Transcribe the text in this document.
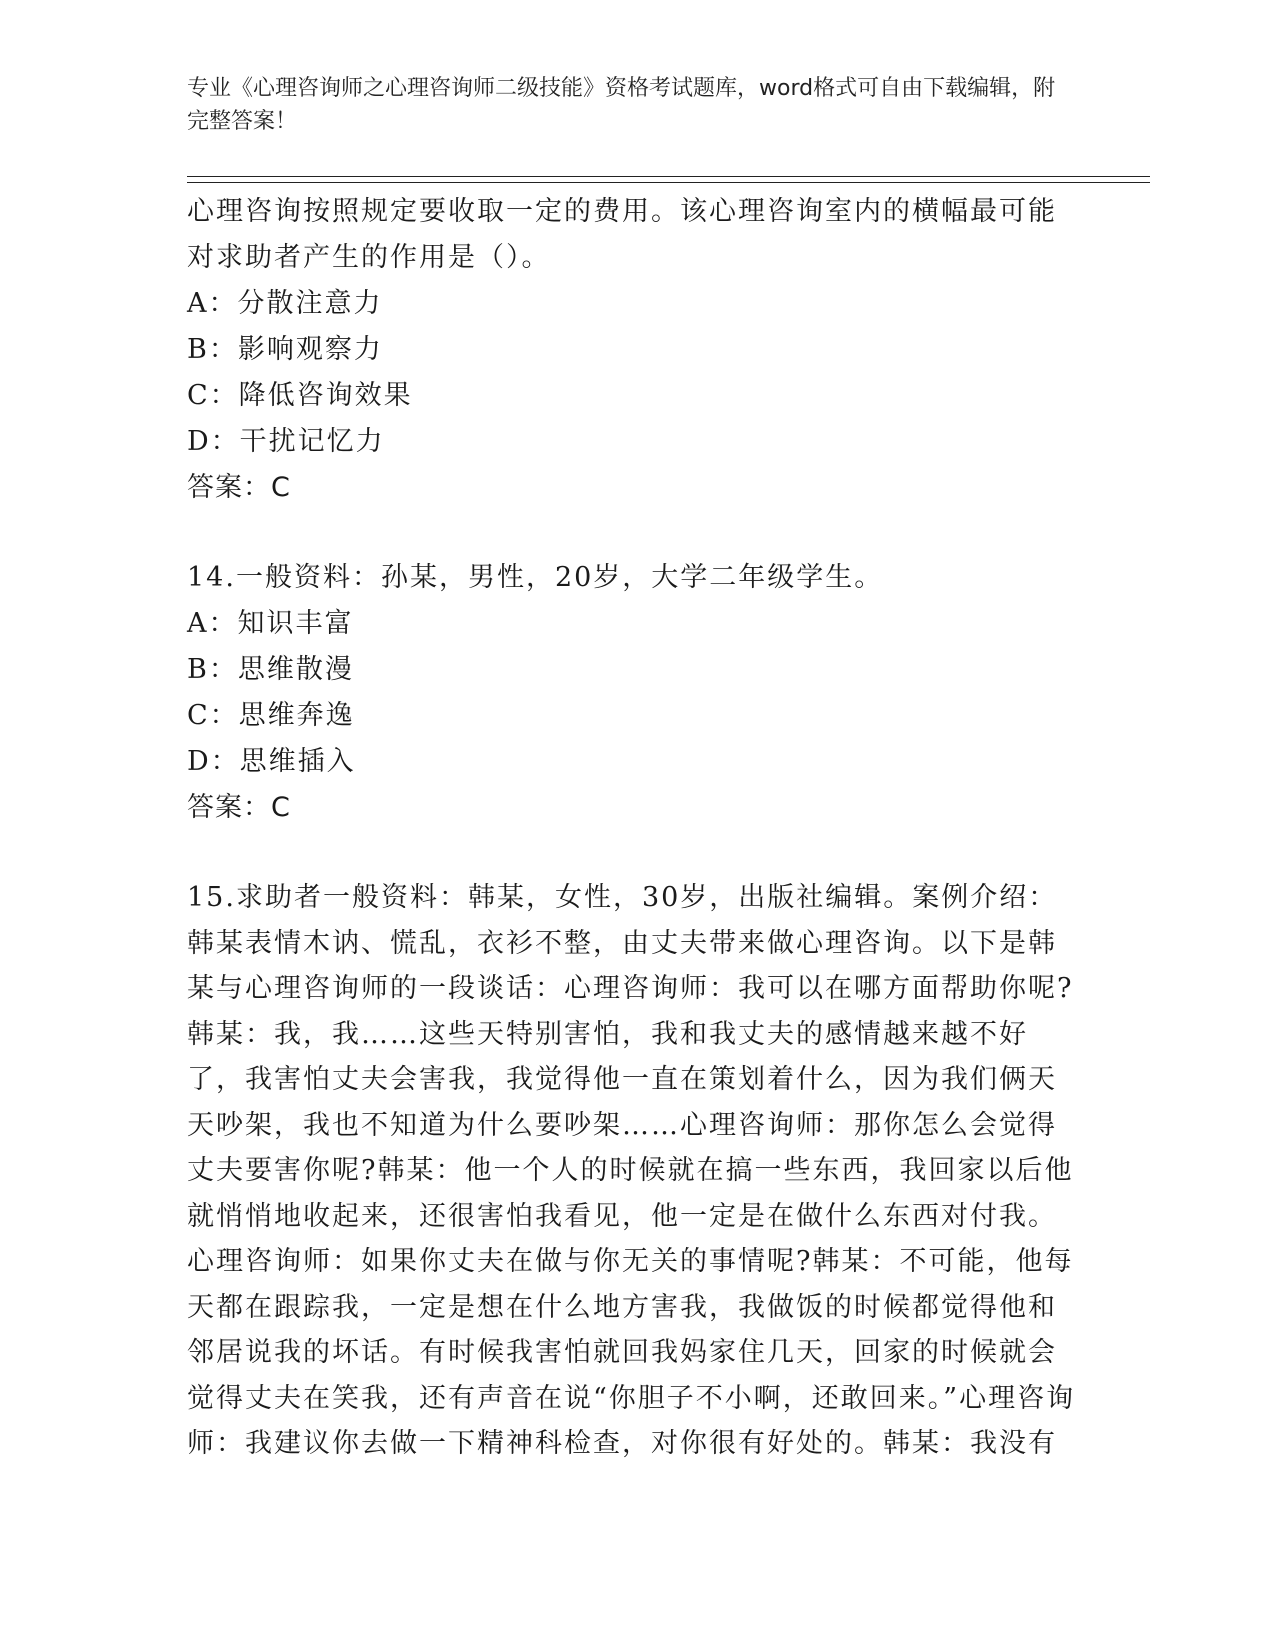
专业《心理咨询师之心理咨询师二级技能》资格考试题库，word格式可自由下载编辑，附完整答案！
心理咨询按照规定要收取一定的费用。该心理咨询室内的横幅最可能
对求助者产生的作用是（）。
A：分散注意力
B：影响观察力
C：降低咨询效果
D：干扰记忆力
答案：C
14.一般资料：孙某，男性，20岁，大学二年级学生。
A：知识丰富
B：思维散漫
C：思维奔逸
D：思维插入
答案：C
15.求助者一般资料：韩某，女性，30岁，出版社编辑。案例介绍：韩某表情木讷、慌乱，衣衫不整，由丈夫带来做心理咨询。以下是韩某与心理咨询师的一段谈话：心理咨询师：我可以在哪方面帮助你呢?韩某：我，我……这些天特别害怕，我和我丈夫的感情越来越不好了，我害怕丈夫会害我，我觉得他一直在策划着什么，因为我们俩天天吵架，我也不知道为什么要吵架……心理咨询师：那你怎么会觉得丈夫要害你呢?韩某：他一个人的时候就在搞一些东西，我回家以后他就悄悄地收起来，还很害怕我看见，他一定是在做什么东西对付我。心理咨询师：如果你丈夫在做与你无关的事情呢?韩某：不可能，他每天都在跟踪我，一定是想在什么地方害我，我做饭的时候都觉得他和邻居说我的坏话。有时候我害怕就回我妈家住几天，回家的时候就会觉得丈夫在笑我，还有声音在说“你胆子不小啊，还敢回来。”心理咨询师：我建议你去做一下精神科检查，对你很有好处的。韩某：我没有
